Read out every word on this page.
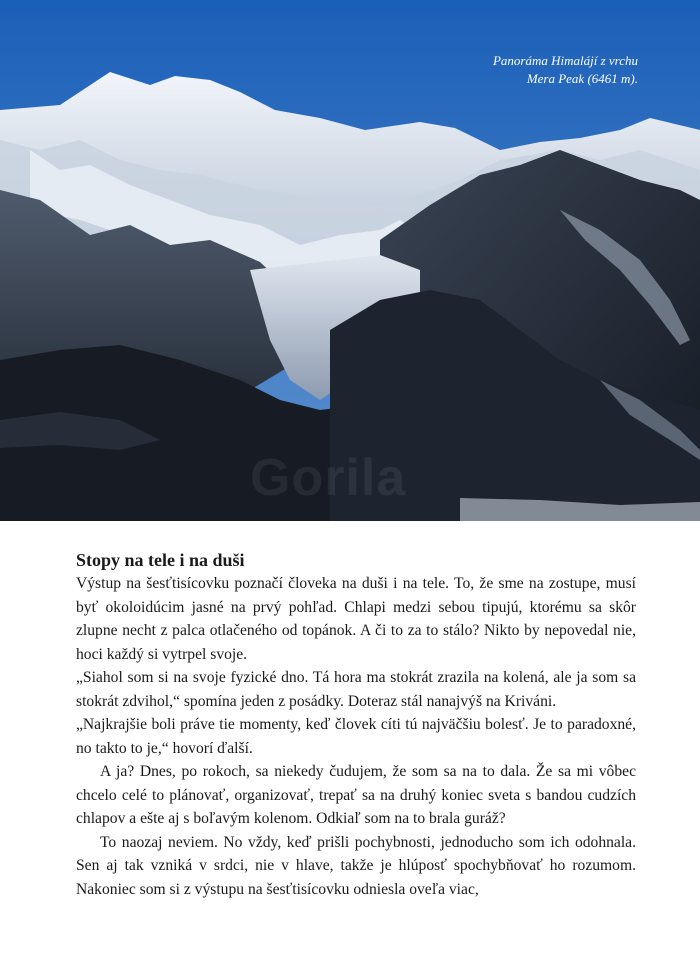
Panoráma Himalájí z vrchu
Mera Peak (6461 m).
Gorila
Stopy na tele i na duši

Výstup na šesťtisícovku poznačí človeka na duši i na tele. To, že sme na zostupe, musí byť okoloidúcim jasné na prvý pohľad. Chlapi medzi sebou tipujú, ktorému sa skôr zlupne necht z palca otlačeného od topánok. A či to za to stálo? Nikto by nepovedal nie, hoci každý si vytrpel svoje.

„Siahol som si na svoje fyzické dno. Tá hora ma stokrát zrazila na kolená, ale ja som sa stokrát zdvihol,“ spomína jeden z posádky. Doteraz stál nanajvýš na Kriváni.

„Najkrajšie boli práve tie momenty, keď človek cíti tú najväčšiu bolesť. Je to paradoxné, no takto to je,“ hovorí ďalší.

A ja? Dnes, po rokoch, sa niekedy čudujem, že som sa na to dala. Že sa mi vôbec chcelo celé to plánovať, organizovať, trepať sa na druhý koniec sveta s bandou cudzích chlapov a ešte aj s boľavým kolenom. Odkiaľ som na to brala guráž?

To naozaj neviem. No vždy, keď prišli pochybnosti, jednoducho som ich odohnala. Sen aj tak vzniká v srdci, nie v hlave, takže je hlúposť spochybňovať ho rozumom. Nakoniec som si z výstupu na šesťtisícovku odniesla oveľa viac,
